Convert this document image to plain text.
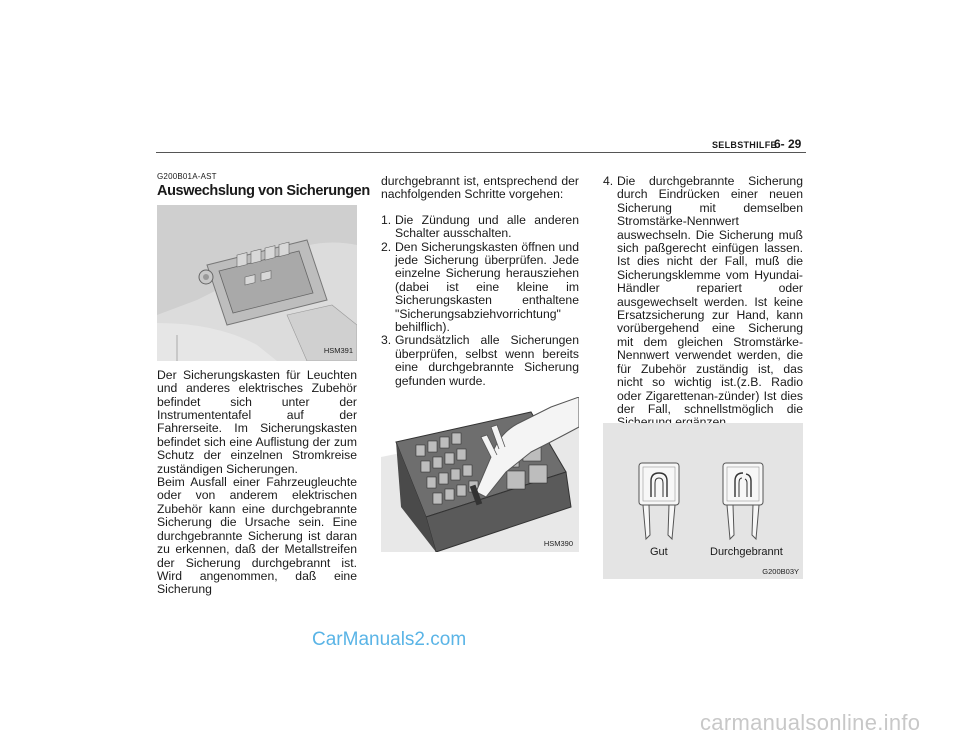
SELBSTHILFE
6- 29
G200B01A-AST
Auswechslung von Sicherungen
HSM391

Der Sicherungskasten für Leuchten und anderes elektrisches Zubehör befindet sich unter der Instrumententafel auf der Fahrerseite. Im Sicherungskasten befindet sich eine Auflistung der zum Schutz der einzelnen Stromkreise zuständigen Sicherungen.

Beim Ausfall einer Fahrzeugleuchte oder von anderem elektrischen Zubehör kann eine durchgebrannte Sicherung die Ursache sein. Eine durchgebrannte Sicherung ist daran zu erkennen, daß der Metallstreifen der Sicherung durchgebrannt ist. Wird angenommen, daß eine Sicherung

durchgebrannt ist, entsprechend der nachfolgenden Schritte vorgehen:

1. Die Zündung und alle anderen Schalter ausschalten.
2. Den Sicherungskasten öffnen und jede Sicherung überprüfen. Jede einzelne Sicherung herausziehen (dabei ist eine kleine im Sicherungskasten enthaltene "Sicherungsabziehvorrichtung" behilflich).
3. Grundsätzlich alle Sicherungen überprüfen, selbst wenn bereits eine durchgebrannte Sicherung gefunden wurde.
HSM390
4. Die durchgebrannte Sicherung durch Eindrücken einer neuen Sicherung mit demselben Stromstärke-Nennwert auswechseln. Die Sicherung muß sich paßgerecht einfügen lassen. Ist dies nicht der Fall, muß die Sicherungsklemme vom Hyundai-Händler repariert oder ausgewechselt werden. Ist keine Ersatzsicherung zur Hand, kann vorübergehend eine Sicherung mit dem gleichen Stromstärke-Nennwert verwendet werden, die für Zubehör zuständig ist, das nicht so wichtig ist.(z.B. Radio oder Zigarettenan-zünder) Ist dies der Fall, schnellstmöglich die
Gut	Durchgebrannt
G200B03Y
CarManuals2.com
carmanualsonline.info
